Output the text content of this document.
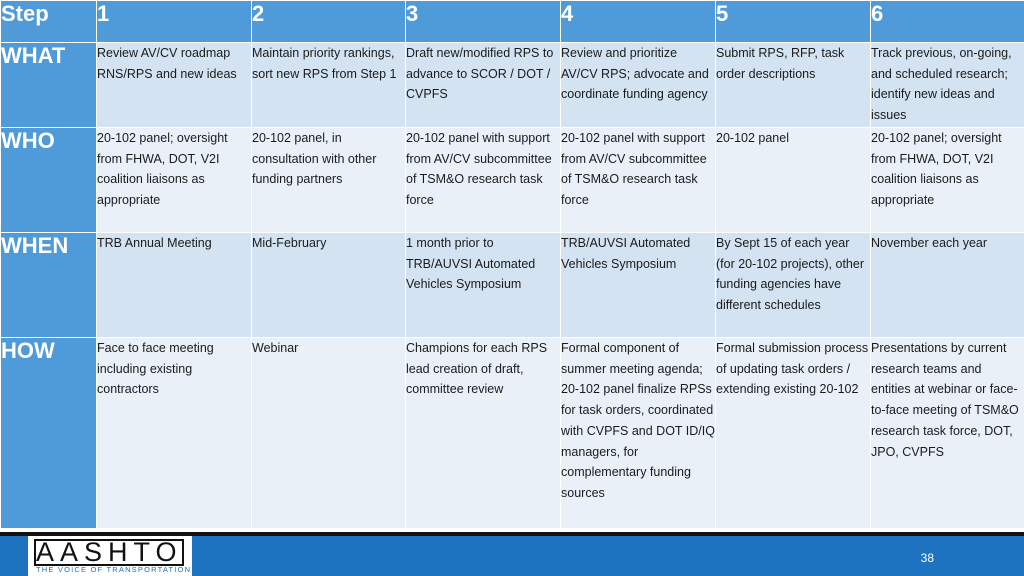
Step	1	2	3	4	5	6
WHAT	Review AV/CV roadmap RNS/RPS and new ideas	Maintain priority rankings, sort new RPS from Step 1	Draft new/modified RPS to advance to SCOR / DOT / CVPFS	Review and prioritize AV/CV RPS; advocate and coordinate funding agency	Submit RPS, RFP, task order descriptions	Track previous, on-going, and scheduled research; identify new ideas and issues
WHO	20-102 panel; oversight from FHWA, DOT, V2I coalition liaisons as appropriate	20-102 panel, in consultation with other funding partners	20-102 panel with support from AV/CV subcommittee of TSM&O research task force	20-102 panel with support from AV/CV subcommittee of TSM&O research task force	20-102 panel	20-102 panel; oversight from FHWA, DOT, V2I coalition liaisons as appropriate
WHEN	TRB Annual Meeting	Mid-February	1 month prior to TRB/AUVSI Automated Vehicles Symposium	TRB/AUVSI Automated Vehicles Symposium	By Sept 15 of each year (for 20-102 projects), other funding agencies have different schedules	November each year
HOW	Face to face meeting including existing contractors	Webinar	Champions for each RPS lead creation of draft, committee review	Formal component of summer meeting agenda; 20-102 panel finalize RPSs for task orders, coordinated with CVPFS and DOT ID/IQ managers, for complementary funding sources	Formal submission process of updating task orders / extending existing 20-102	Presentations by current research teams and entities at webinar or face-to-face meeting of TSM&O research task force, DOT, JPO, CVPFS
AASHTO
THE VOICE OF TRANSPORTATION
38
